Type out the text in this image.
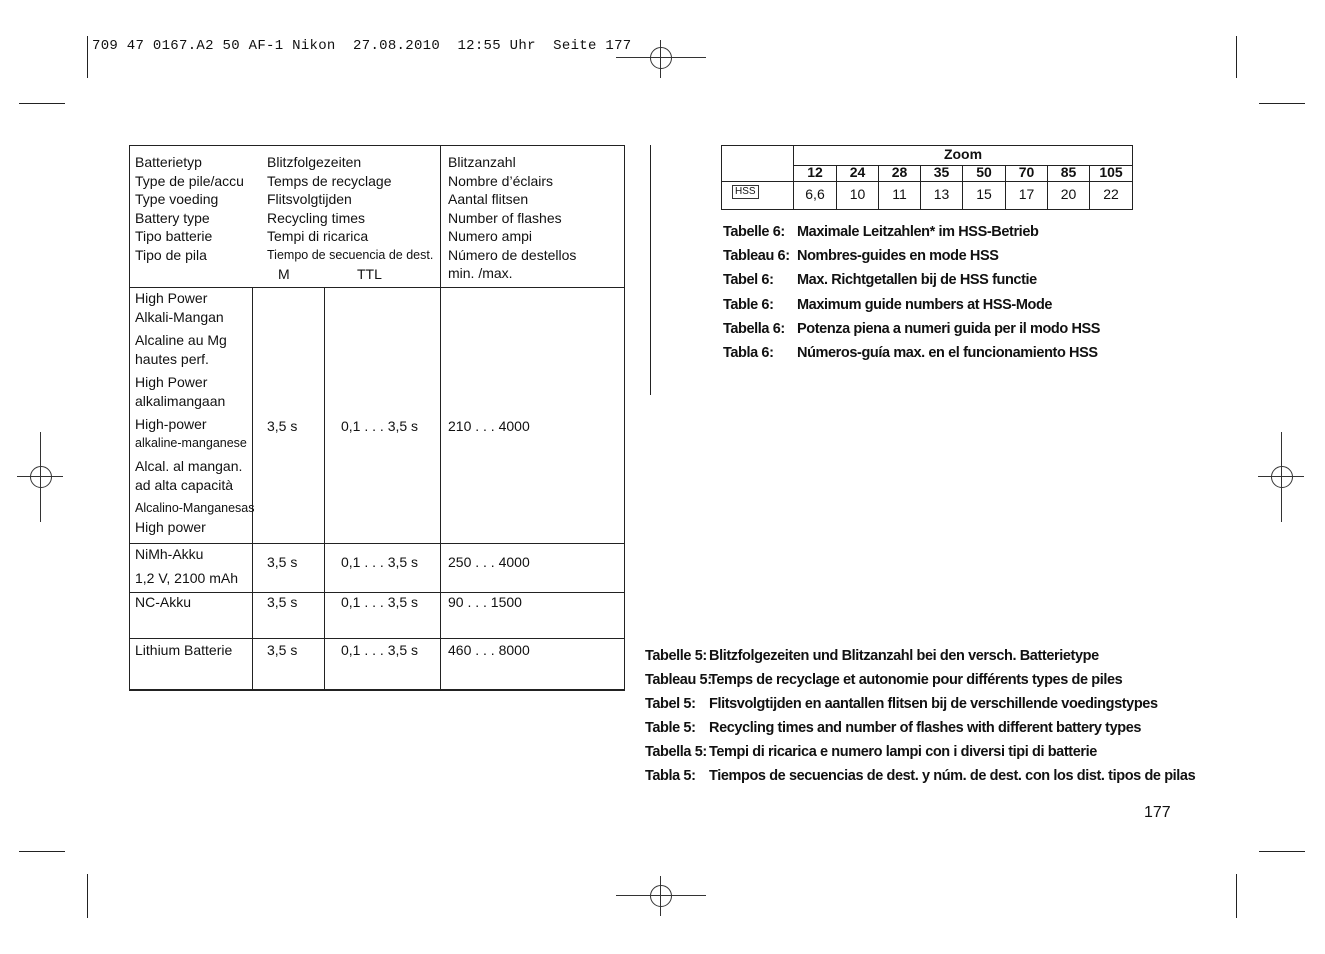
709 47 0167.A2 50 AF-1 Nikon  27.08.2010  12:55 Uhr  Seite 177
Batterietyp
Type de pile/accu
Type voeding
Battery type
Tipo batterie
Tipo de pila
Blitzfolgezeiten
Temps de recyclage
Flitsvolgtijden
Recycling times
Tempi di ricarica
Tiempo de secuencia de dest.
M	TTL
Blitzanzahl
Nombre d’éclairs
Aantal flitsen
Number of flashes
Numero ampi
Número de destellos
min. /max.
High Power
Alkali-Mangan
Alcaline au Mg
hautes perf.
High Power
alkalimangaan
High-power
alkaline-manganese
Alcal. al mangan.
ad alta capacità
Alcalino-Manganesas
High power
3,5 s	0,1 . . . 3,5 s 210 . . . 4000
NiMh-Akku
1,2 V, 2100 mAh
3,5 s	0,1 . . . 3,5 s 250 . . . 4000
NC-Akku	3,5 s	0,1 . . . 3,5 s 90 . . . 1500
Lithium Batterie 3,5 s	0,1 . . . 3,5 s 460 . . . 8000
Zoom
12	24	28	35	50	70	85	105
HSS	6,6	10	11	13	15	17	20	22
Tabelle 6: Maximale Leitzahlen* im HSS-Betrieb
Tableau 6: Nombres-guides en mode HSS
Tabel 6: Max. Richtgetallen bij de HSS functie
Table 6: Maximum guide numbers at HSS-Mode
Tabella 6: Potenza piena a numeri guida per il modo HSS
Tabla 6: Números-guía max. en el funcionamiento HSS
Tabelle 5: Blitzfolgezeiten und Blitzanzahl bei den versch. Batterietype
Tableau 5:Temps de recyclage et autonomie pour différents types de piles
Tabel 5: Flitsvolgtijden en aantallen flitsen bij de verschillende voedingstypes
Table 5: Recycling times and number of flashes with different battery types
Tabella 5: Tempi di ricarica e numero lampi con i diversi tipi di batterie
Tabla 5: Tiempos de secuencias de dest. y núm. de dest. con los dist. tipos de pilas
177
